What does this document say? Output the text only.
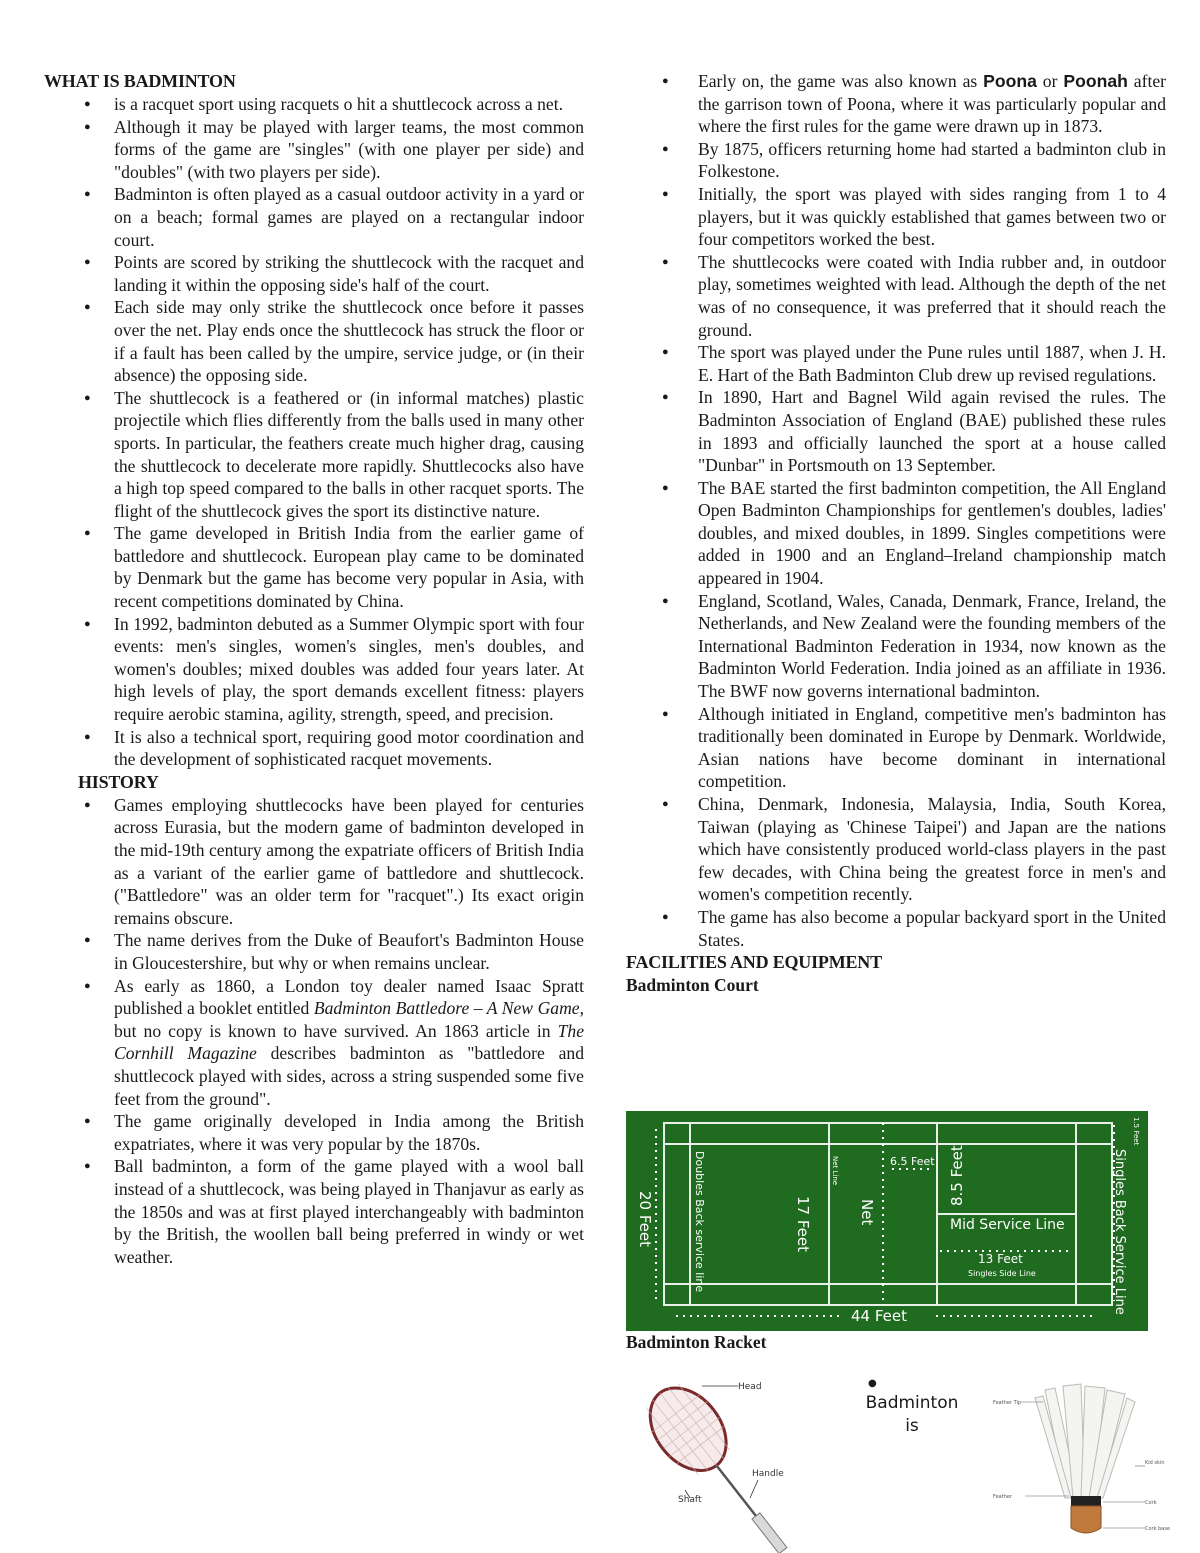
WHAT IS BADMINTON
● is a racquet sport using racquets o hit a shuttlecock across a net.
● Although it may be played with larger teams, the most common forms of the game are "singles" (with one player per side) and "doubles" (with two players per side).
● Badminton is often played as a casual outdoor activity in a yard or on a beach; formal games are played on a rectangular indoor court.
● Points are scored by striking the shuttlecock with the racquet and landing it within the opposing side's half of the court.
● Each side may only strike the shuttlecock once before it passes over the net. Play ends once the shuttlecock has struck the floor or if a fault has been called by the umpire, service judge, or (in their absence) the opposing side.
● The shuttlecock is a feathered or (in informal matches) plastic projectile which flies differently from the balls used in many other sports. In particular, the feathers create much higher drag, causing the shuttlecock to decelerate more rapidly. Shuttlecocks also have a high top speed compared to the balls in other racquet sports. The flight of the shuttlecock gives the sport its distinctive nature.
● The game developed in British India from the earlier game of battledore and shuttlecock. European play came to be dominated by Denmark but the game has become very popular in Asia, with recent competitions dominated by China.
● In 1992, badminton debuted as a Summer Olympic sport with four events: men's singles, women's singles, men's doubles, and women's doubles; mixed doubles was added four years later. At high levels of play, the sport demands excellent fitness: players require aerobic stamina, agility, strength, speed, and precision.
● It is also a technical sport, requiring good motor coordination and the development of sophisticated racquet movements.
HISTORY
● Games employing shuttlecocks have been played for centuries across Eurasia, but the modern game of badminton developed in the mid-19th century among the expatriate officers of British India as a variant of the earlier game of battledore and shuttlecock. ("Battledore" was an older term for "racquet".) Its exact origin remains obscure.
● The name derives from the Duke of Beaufort's Badminton House in Gloucestershire, but why or when remains unclear.
● As early as 1860, a London toy dealer named Isaac Spratt published a booklet entitled Badminton Battledore – A New Game, but no copy is known to have survived. An 1863 article in The Cornhill Magazine describes badminton as "battledore and shuttlecock played with sides, across a string suspended some five feet from the ground".
● The game originally developed in India among the British expatriates, where it was very popular by the 1870s.
● Ball badminton, a form of the game played with a wool ball instead of a shuttlecock, was being played in Thanjavur as early as the 1850s and was at first played interchangeably with badminton by the British, the woollen ball being preferred in windy or wet weather.
● Early on, the game was also known as Poona or Poonah after the garrison town of Poona, where it was particularly popular and where the first rules for the game were drawn up in 1873.
● By 1875, officers returning home had started a badminton club in Folkestone.
● Initially, the sport was played with sides ranging from 1 to 4 players, but it was quickly established that games between two or four competitors worked the best.
● The shuttlecocks were coated with India rubber and, in outdoor play, sometimes weighted with lead. Although the depth of the net was of no consequence, it was preferred that it should reach the ground.
● The sport was played under the Pune rules until 1887, when J. H. E. Hart of the Bath Badminton Club drew up revised regulations.
● In 1890, Hart and Bagnel Wild again revised the rules. The Badminton Association of England (BAE) published these rules in 1893 and officially launched the sport at a house called "Dunbar" in Portsmouth on 13 September.
● The BAE started the first badminton competition, the All England Open Badminton Championships for gentlemen's doubles, ladies' doubles, and mixed doubles, in 1899. Singles competitions were added in 1900 and an England–Ireland championship match appeared in 1904.
● England, Scotland, Wales, Canada, Denmark, France, Ireland, the Netherlands, and New Zealand were the founding members of the International Badminton Federation in 1934, now known as the Badminton World Federation. India joined as an affiliate in 1936. The BWF now governs international badminton.
● Although initiated in England, competitive men's badminton has traditionally been dominated in Europe by Denmark. Worldwide, Asian nations have become dominant in international competition.
● China, Denmark, Indonesia, Malaysia, India, South Korea, Taiwan (playing as 'Chinese Taipei') and Japan are the nations which have consistently produced world-class players in the past few decades, with China being the greatest force in men's and women's competition recently.
● The game has also become a popular backyard sport in the United States.
FACILITIES AND EQUIPMENT

Badminton Court

20 Feet
44 Feet
Doubles Back service line	17 Feet
Net Line
Net
6.5 Feet 8.5 Feet
Mid Service Line
13 Feet
Singles Side Line	Singles Back Service Line
1.5 Feet

Badminton Racket

Head
Handle
Shaft
●
Badminton is
Feather Tip
Kid skin
Feather
Cork
Cork base
